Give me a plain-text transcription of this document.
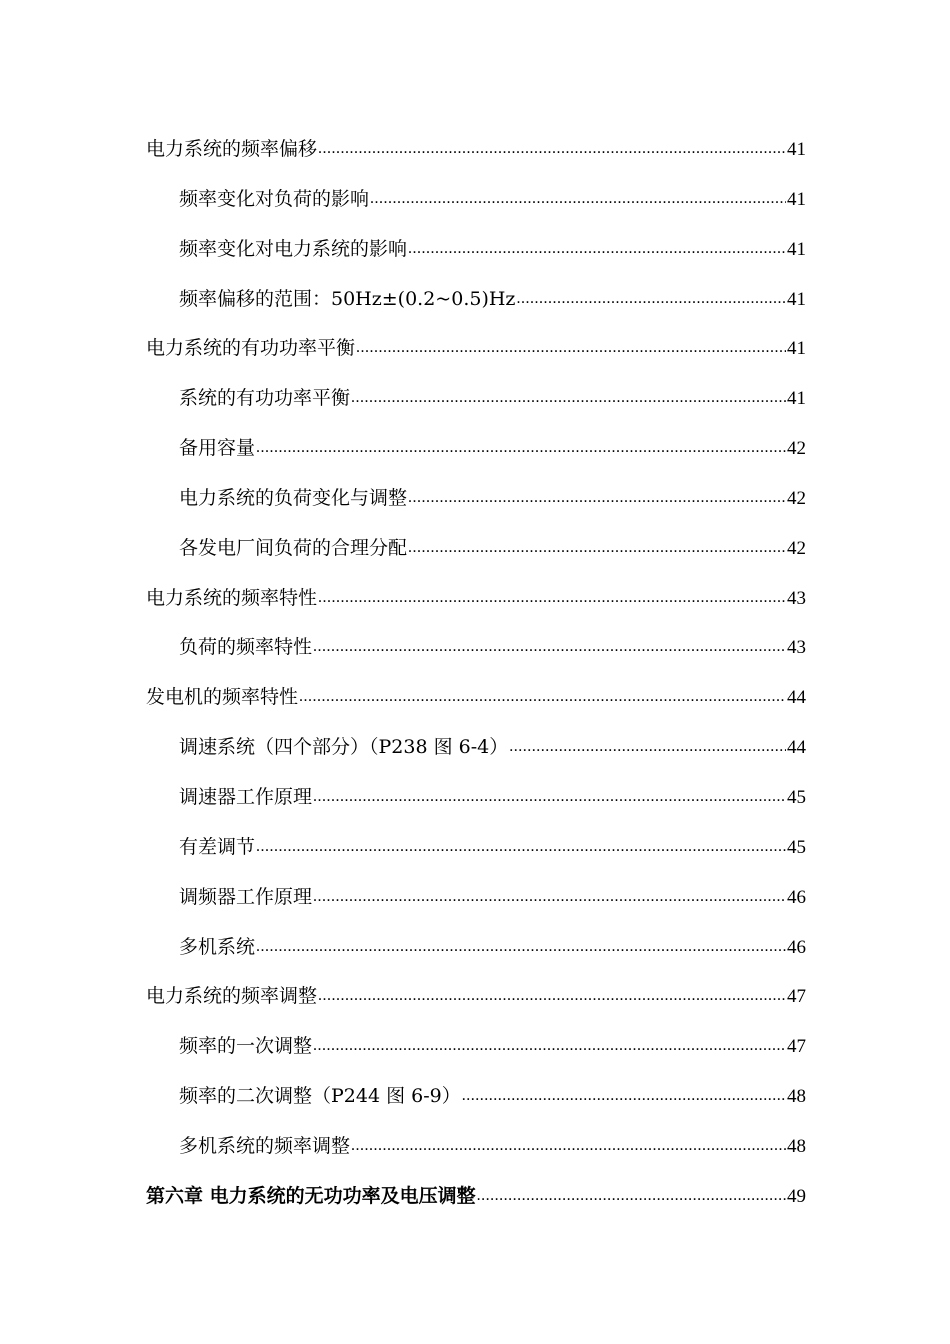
电力系统的频率偏移 .....	41
频率变化对负荷的影响 .....	41
频率变化对电力系统的影响 .....	41
频率偏移的范围：50Hz±(0.2~0.5)Hz .....	41
电力系统的有功功率平衡 .....	41
系统的有功功率平衡 .....	41
备用容量 .....	42
电力系统的负荷变化与调整 .....	42
各发电厂间负荷的合理分配 .....	42
电力系统的频率特性 .....	43
负荷的频率特性 .....	43
发电机的频率特性 .....	44
调速系统（四个部分）（P238 图 6-4） .....	44
调速器工作原理 .....	45
有差调节 .....	45
调频器工作原理 .....	46
多机系统 .....	46
电力系统的频率调整 .....	47
频率的一次调整 .....	47
频率的二次调整（P244 图 6-9） .....	48
多机系统的频率调整 .....	48
第六章 电力系统的无功功率及电压调整 .....	49
